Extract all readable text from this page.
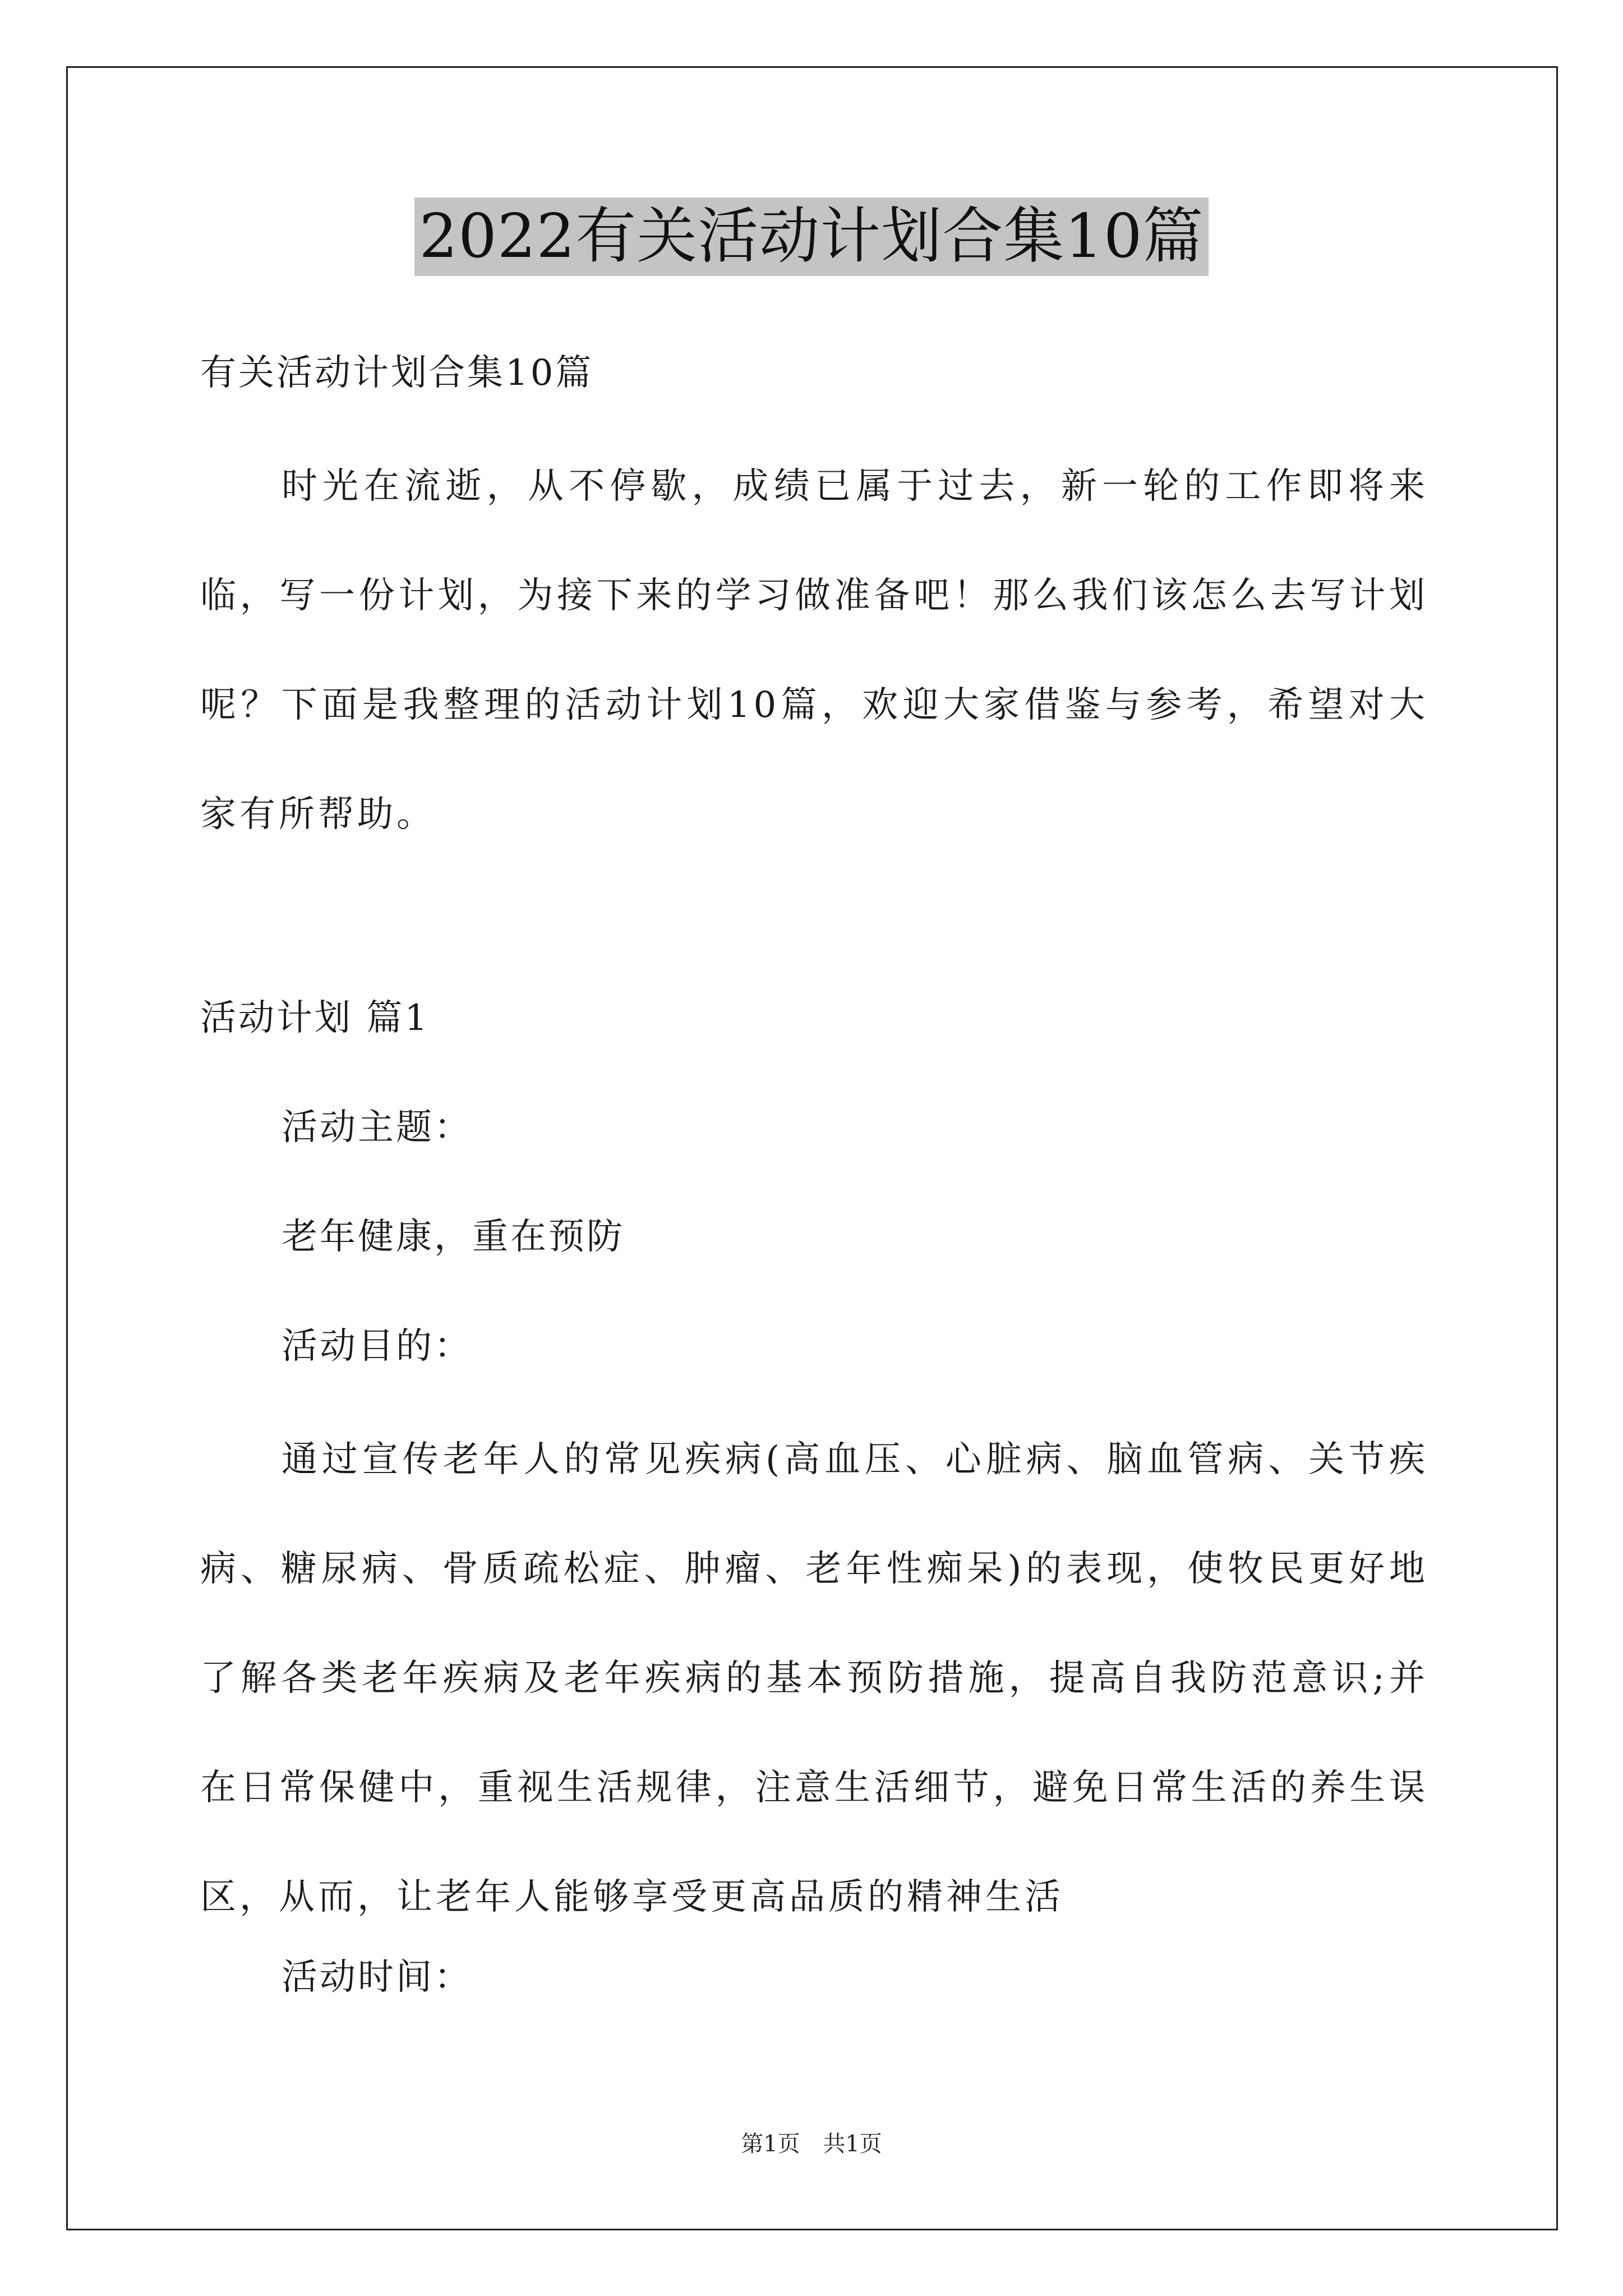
2022有关活动计划合集10篇
有关活动计划合集10篇
时光在流逝，从不停歇，成绩已属于过去，新一轮的工作即将来临，写一份计划，为接下来的学习做准备吧！那么我们该怎么去写计划呢？下面是我整理的活动计划10篇，欢迎大家借鉴与参考，希望对大家有所帮助。
活动计划 篇1
活动主题：
老年健康，重在预防
活动目的：
通过宣传老年人的常见疾病(高血压、心脏病、脑血管病、关节疾病、糖尿病、骨质疏松症、肿瘤、老年性痴呆)的表现，使牧民更好地了解各类老年疾病及老年疾病的基本预防措施，提高自我防范意识;并在日常保健中，重视生活规律，注意生活细节，避免日常生活的养生误区，从而，让老年人能够享受更高品质的精神生活
活动时间：
第1页 共1页
